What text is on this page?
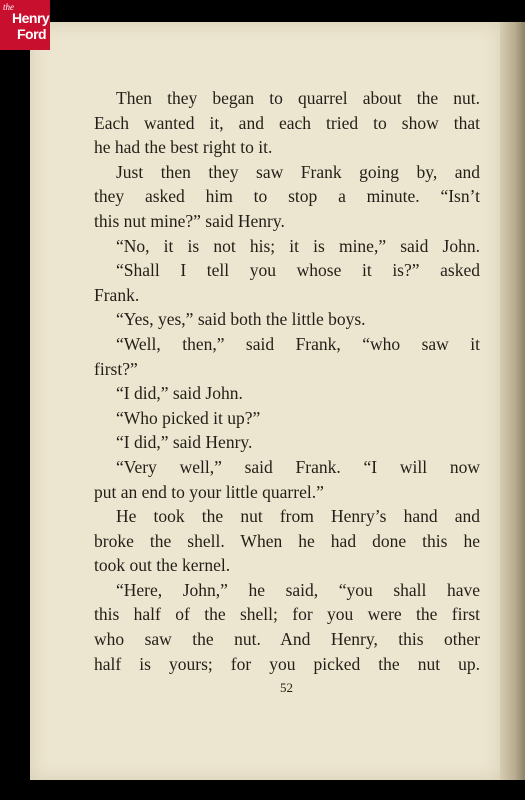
the
Henry
Ford
Then they began to quarrel about the nut.
Each wanted it, and each tried to show that
he had the best right to it.
Just then they saw Frank going by, and
they asked him to stop a minute. “Isn’t
this nut mine?” said Henry.
“No, it is not his; it is mine,” said John.
“Shall I tell you whose it is?” asked
Frank.
“Yes, yes,” said both the little boys.
“Well, then,” said Frank, “who saw it
first?”
“I did,” said John.
“Who picked it up?”
“I did,” said Henry.
“Very well,” said Frank. “I will now
put an end to your little quarrel.”
He took the nut from Henry’s hand and
broke the shell. When he had done this he
took out the kernel.
“Here, John,” he said, “you shall have
this half of the shell; for you were the first
who saw the nut. And Henry, this other
half is yours; for you picked the nut up.
52
